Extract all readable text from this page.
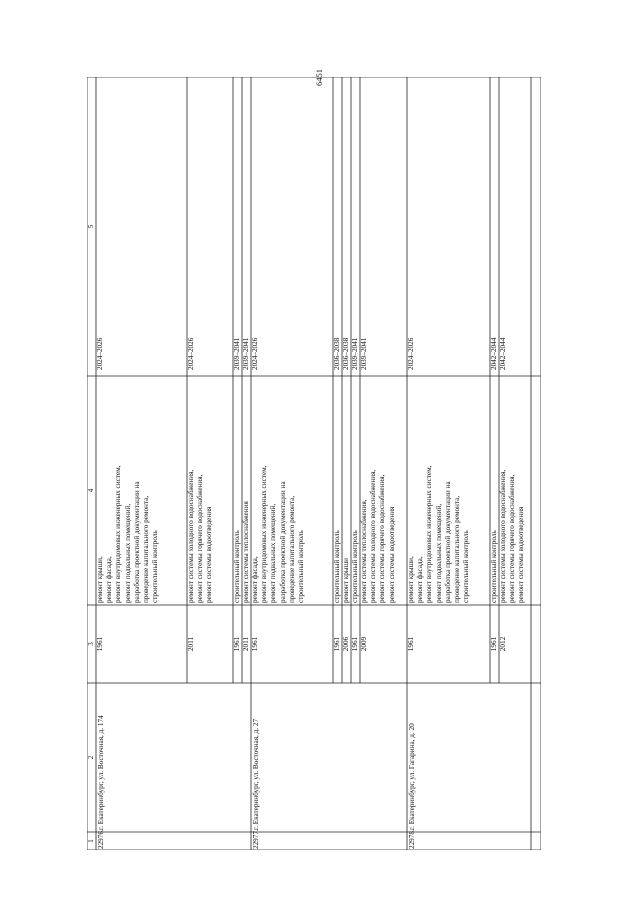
6451
1
2
3
4
5
22976.
г. Екатеринбург, ул. Восточная, д. 174
1961
ремонт крыши, ремонт фасада, ремонт внутридомовых инженерных систем, ремонт подвальных помещений, разработка проектной документации на проведение капитального ремонта, строительный контроль
2024–2026
2011
ремонт системы холодного водоснабжения, ремонт системы горячего водоснабжения, ремонт системы водоотведения
2024–2026
1961
строительный контроль
2039–2041
2011
ремонт системы теплоснабжения
2039–2041
22977.
г. Екатеринбург, ул. Восточная, д. 27
1961
ремонт фасада, ремонт внутридомовых инженерных систем, ремонт подвальных помещений, разработка проектной документации на проведение капитального ремонта, строительный контроль
2024–2026
1961
строительный контроль
2036–2038
2006
ремонт крыши
2036–2038
1961
строительный контроль
2039–2041
2009
ремонт системы теплоснабжения, ремонт системы холодного водоснабжения, ремонт системы горячего водоснабжения, ремонт системы водоотведения
2039–2041
22978.
г. Екатеринбург, ул. Гагарина, д. 20
1961
ремонт крыши, ремонт фасада, ремонт внутридомовых инженерных систем, ремонт подвальных помещений, разработка проектной документации на проведение капитального ремонта, строительный контроль
2024–2026
1961
строительный контроль
2042–2044
2012
ремонт системы холодного водоснабжения, ремонт системы горячего водоснабжения, ремонт системы водоотведения
2042–2044
